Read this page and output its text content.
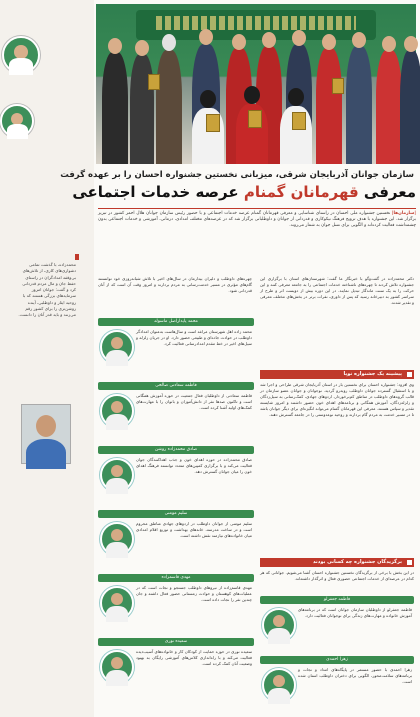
محمدزاده، با گذشت تمامی دشواری‌های کاری، از تلاش‌های بی‌وقفه امدادگران در راستای حفظ جان و مال مردم قدردانی کرد و گفت: جوانان امروز سرمایه‌های بزرگی هستند که با روحیه ایثار و داوطلبی، آینده روشن‌تری را برای کشور رقم می‌زنند و باید قدر آنان را دانست.
سازمان جوانان آذربایجان شرقی، میزبانی نخستین جشنواره احسان را بر عهده گرفت
معرفی قهرمانان گمنام عرصه خدمات اجتماعی
|سازمان‌ها| نخستین جشنواره ملی احسان در راستای شناسایی و معرفی قهرمانان گمنام عرصه خدمات اجتماعی و با حضور رئیس سازمان جوانان هلال احمر کشور در تبریز برگزار شد. این جشنواره با هدف ترویج فرهنگ نیکوکاری و قدردانی از جوانان و داوطلبانی برگزار شد که در عرصه‌های مختلف امدادی، درمانی، آموزشی و خدمات اجتماعی بدون چشمداشت فعالیت کرده‌اند و الگویی برای نسل جوان به شمار می‌روند.
دکتر محمدزاده در گفت‌وگو با خبرنگار ما گفت: شهرستان‌های استان با برگزاری این جشنواره تلاش کردند تا چهره‌های ناشناخته خدمات اجتماعی را به جامعه معرفی کنند و این حرکت را به یک سنت ماندگار تبدیل نمایند. در این دوره بیش از دویست اثر و طرح از سراسر کشور به دبیرخانه رسید که پس از داوری، نفرات برتر در بخش‌های مختلف معرفی و تقدیر شدند.
پیشینه یک جشنواره نوپا
وی افزود: جشنواره احسان برای نخستین بار در استان آذربایجان شرقی طراحی و اجرا شد و با استقبال گسترده جوانان داوطلب روبه‌رو گردید. نوجوانان و جوانان عضو سازمان در قالب گروه‌های داوطلب در مناطق کم‌برخوردار، اردوهای جهادی، کمک‌رسانی به سیل‌زدگان و زلزله‌زدگان، آموزش همگانی و برنامه‌های اهدای خون حضور داشتند و امروز شایسته تقدیر و سپاس هستند. معرفی این قهرمانان گمنام می‌تواند انگیزه‌ای برای دیگر جوانان باشد تا در مسیر خدمت به مردم گام بردارند و روحیه نوعدوستی را در جامعه گسترش دهند.
برگزیدگان جشنواره چه کسانی بودند
در این بخش با برخی از برگزیدگان نخستین جشنواره احسان آشنا می‌شویم. جوانانی که هر کدام در عرصه‌ای از خدمات اجتماعی حضوری فعال و اثرگذار داشته‌اند.
فاطمه جعفرلو
فاطمه جعفرلو از داوطلبان سازمان جوانان است که در برنامه‌های آموزش خانواده و مهارت‌های زندگی برای نوجوانان فعالیت دارد.
زهرا احمدی
زهرا احمدی با حضور مستمر در پایگاه‌های امداد و نجات و برنامه‌های سلامت‌محور، الگویی برای دختران داوطلب استان شده است.
چهره‌های داوطلب و دلیران بیدارمان در سال‌های اخیر با تلاش شبانه‌روزی خود توانستند گام‌های مؤثری در مسیر خدمت‌رسانی به مردم بردارند و امروز وقت آن است که از آنان قدردانی شود.
محمد پایداراصل ماسوله
محمد زاده اهل شهرستان مراغه است و سال‌هاست به‌عنوان امدادگر داوطلب در حوادث جاده‌ای و طبیعی حضور دارد. او در جریان زلزله و سیل‌های اخیر در خط مقدم امدادرسانی فعالیت کرد.
فاطمه سعادتی صالحی
فاطمه سعادتی از داوطلبان فعال جمعیت در حوزه آموزش همگانی است و تاکنون صدها نفر از دانش‌آموزان و بانوان را با مهارت‌های کمک‌های اولیه آشنا کرده است.
صادق محمدزاده روشن
صادق محمدزاده در حوزه اهدای خون و جذب اهداکنندگان جوان فعالیت می‌کند و با برگزاری کمپین‌های متعدد توانسته فرهنگ اهدای خون را میان جوانان گسترش دهد.
سلیم مومنی
سلیم مومنی از جوانان داوطلب در اردوهای جهادی مناطق محروم است و در ساخت مدرسه، خانه‌های بهداشت و توزیع اقلام امدادی میان خانواده‌های نیازمند نقش داشته است.
مهدی قاسمزاده
مهدی قاسم‌زاده از نیروهای داوطلب جستجو و نجات است که در عملیات‌های کوهستان و حوادث زمستانی حضور فعال داشته و جان چندین نفر را نجات داده است.
سعیده نوری
سعیده نوری در حوزه حمایت از کودکان کار و خانواده‌های آسیب‌دیده فعالیت می‌کند و با راه‌اندازی کلاس‌های آموزشی رایگان به بهبود وضعیت آنان کمک کرده است.
